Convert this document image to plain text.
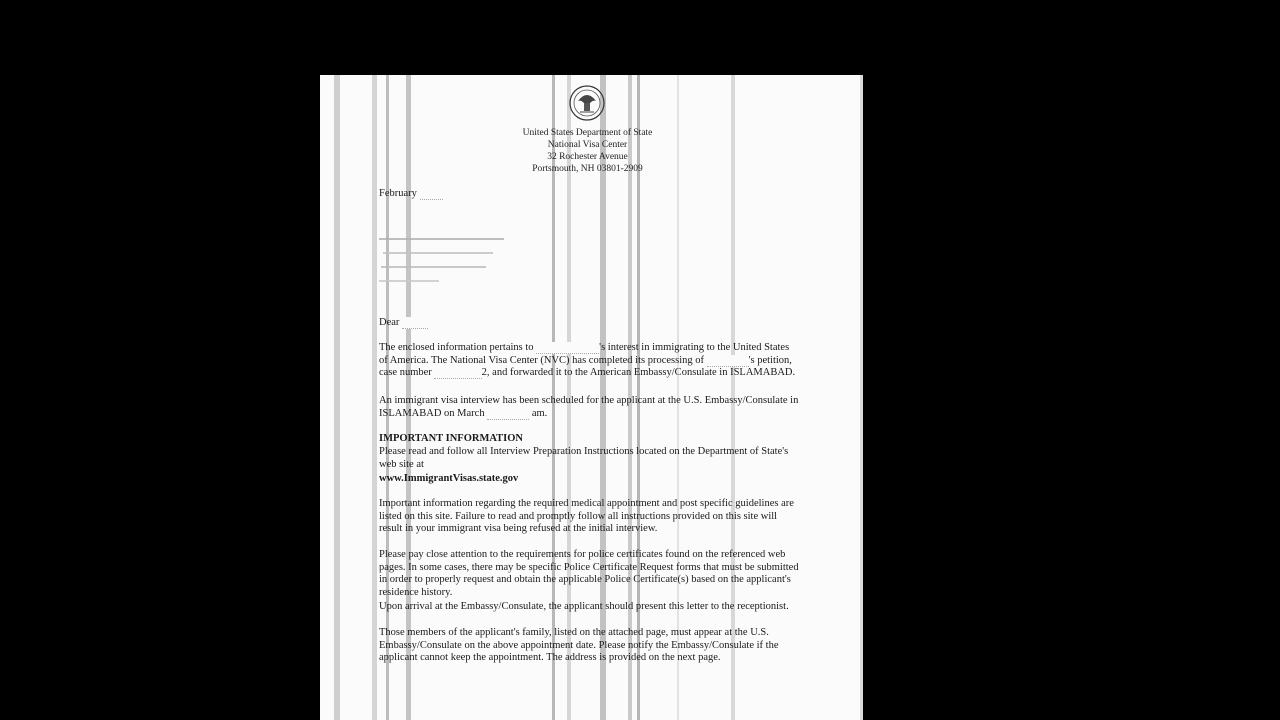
United States Department of State
National Visa Center
32 Rochester Avenue
Portsmouth, NH 03801-2909
February
Dear
The enclosed information pertains to	's interest in immigrating to the United States of America. The National Visa Center (NVC) has completed its processing of	's petition, case number	2, and forwarded it to the American Embassy/Consulate in ISLAMABAD.
An immigrant visa interview has been scheduled for the applicant at the U.S. Embassy/Consulate in ISLAMABAD on March	am.
IMPORTANT INFORMATION
Please read and follow all Interview Preparation Instructions located on the Department of State's web site at
www.ImmigrantVisas.state.gov
Important information regarding the required medical appointment and post specific guidelines are listed on this site. Failure to read and promptly follow all instructions provided on this site will result in your immigrant visa being refused at the initial interview.
Please pay close attention to the requirements for police certificates found on the referenced web pages. In some cases, there may be specific Police Certificate Request forms that must be submitted in order to properly request and obtain the applicable Police Certificate(s) based on the applicant's residence history.
Upon arrival at the Embassy/Consulate, the applicant should present this letter to the receptionist.
Those members of the applicant's family, listed on the attached page, must appear at the U.S. Embassy/Consulate on the above appointment date. Please notify the Embassy/Consulate if the applicant cannot keep the appointment. The address is provided on the next page.
